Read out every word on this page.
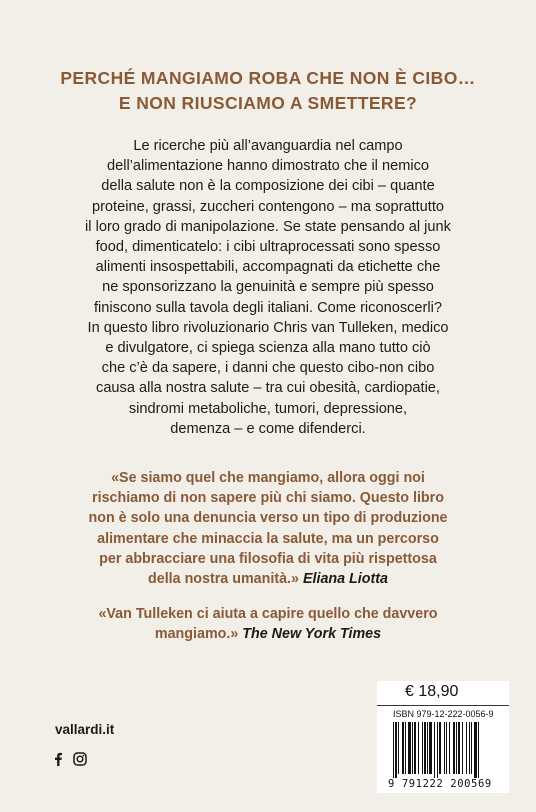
PERCHÉ MANGIAMO ROBA CHE NON È CIBO…
E NON RIUSCIAMO A SMETTERE?
Le ricerche più all’avanguardia nel campo
dell’alimentazione hanno dimostrato che il nemico
della salute non è la composizione dei cibi – quante
proteine, grassi, zuccheri contengono – ma soprattutto
il loro grado di manipolazione. Se state pensando al junk
food, dimenticatelo: i cibi ultraprocessati sono spesso
alimenti insospettabili, accompagnati da etichette che
ne sponsorizzano la genuinità e sempre più spesso
finiscono sulla tavola degli italiani. Come riconoscerli?
In questo libro rivoluzionario Chris van Tulleken, medico
e divulgatore, ci spiega scienza alla mano tutto ciò
che c’è da sapere, i danni che questo cibo-non cibo
causa alla nostra salute – tra cui obesità, cardiopatie,
sindromi metaboliche, tumori, depressione,
demenza – e come difenderci.
«Se siamo quel che mangiamo, allora oggi noi
rischiamo di non sapere più chi siamo. Questo libro
non è solo una denuncia verso un tipo di produzione
alimentare che minaccia la salute, ma un percorso
per abbracciare una filosofia di vita più rispettosa
della nostra umanità.» Eliana Liotta
«Van Tulleken ci aiuta a capire quello che davvero
mangiamo.» The New York Times
vallardi.it
€ 18,90
ISBN 979-12-222-0056-9
9 791222 200569
